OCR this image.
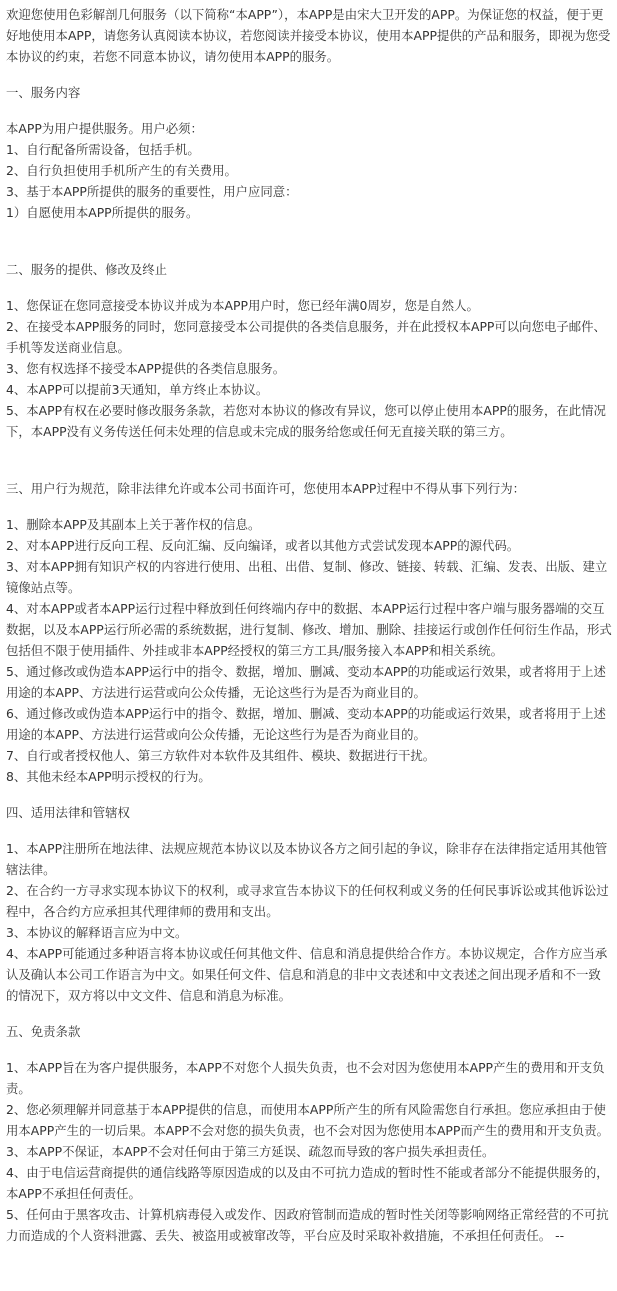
欢迎您使用色彩解剖几何服务（以下简称“本APP”），本APP是由宋大卫开发的APP。为保证您的权益，便于更好地使用本APP，请您务认真阅读本协议，若您阅读并接受本协议，使用本APP提供的产品和服务，即视为您受本协议的约束，若您不同意本协议，请勿使用本APP的服务。

一、服务内容

本APP为用户提供服务。用户必须：

1、自行配备所需设备，包括手机。

2、自行负担使用手机所产生的有关费用。

3、基于本APP所提供的服务的重要性，用户应同意：

1）自愿使用本APP所提供的服务。

二、服务的提供、修改及终止

1、您保证在您同意接受本协议并成为本APP用户时，您已经年满0周岁，您是自然人。

2、在接受本APP服务的同时，您同意接受本公司提供的各类信息服务，并在此授权本APP可以向您电子邮件、手机等发送商业信息。

3、您有权选择不接受本APP提供的各类信息服务。

4、本APP可以提前3天通知，单方终止本协议。

5、本APP有权在必要时修改服务条款，若您对本协议的修改有异议，您可以停止使用本APP的服务，在此情况下，本APP没有义务传送任何未处理的信息或未完成的服务给您或任何无直接关联的第三方。

三、用户行为规范，除非法律允许或本公司书面许可，您使用本APP过程中不得从事下列行为：

1、删除本APP及其副本上关于著作权的信息。

2、对本APP进行反向工程、反向汇编、反向编译，或者以其他方式尝试发现本APP的源代码。

3、对本APP拥有知识产权的内容进行使用、出租、出借、复制、修改、链接、转载、汇编、发表、出版、建立镜像站点等。

4、对本APP或者本APP运行过程中释放到任何终端内存中的数据、本APP运行过程中客户端与服务器端的交互数据，以及本APP运行所必需的系统数据，进行复制、修改、增加、删除、挂接运行或创作任何衍生作品，形式包括但不限于使用插件、外挂或非本APP经授权的第三方工具/服务接入本APP和相关系统。

5、通过修改或伪造本APP运行中的指令、数据，增加、删减、变动本APP的功能或运行效果，或者将用于上述用途的本APP、方法进行运营或向公众传播，无论这些行为是否为商业目的。

6、通过修改或伪造本APP运行中的指令、数据，增加、删减、变动本APP的功能或运行效果，或者将用于上述用途的本APP、方法进行运营或向公众传播，无论这些行为是否为商业目的。

7、自行或者授权他人、第三方软件对本软件及其组件、模块、数据进行干扰。

8、其他未经本APP明示授权的行为。

四、适用法律和管辖权

1、本APP注册所在地法律、法规应规范本协议以及本协议各方之间引起的争议，除非存在法律指定适用其他管辖法律。

2、在合约一方寻求实现本协议下的权利，或寻求宣告本协议下的任何权利或义务的任何民事诉讼或其他诉讼过程中，各合约方应承担其代理律师的费用和支出。

3、本协议的解释语言应为中文。

4、本APP可能通过多种语言将本协议或任何其他文件、信息和消息提供给合作方。本协议规定，合作方应当承认及确认本公司工作语言为中文。如果任何文件、信息和消息的非中文表述和中文表述之间出现矛盾和不一致的情况下，双方将以中文文件、信息和消息为标准。

五、免责条款

1、本APP旨在为客户提供服务，本APP不对您个人损失负责，也不会对因为您使用本APP产生的费用和开支负责。

2、您必须理解并同意基于本APP提供的信息，而使用本APP所产生的所有风险需您自行承担。您应承担由于使用本APP产生的一切后果。本APP不会对您的损失负责，也不会对因为您使用本APP而产生的费用和开支负责。

3、本APP不保证，本APP不会对任何由于第三方延误、疏忽而导致的客户损失承担责任。

4、由于电信运营商提供的通信线路等原因造成的以及由不可抗力造成的暂时性不能或者部分不能提供服务的，本APP不承担任何责任。

5、任何由于黑客攻击、计算机病毒侵入或发作、因政府管制而造成的暂时性关闭等影响网络正常经营的不可抗力而造成的个人资料泄露、丢失、被盗用或被窜改等，平台应及时采取补救措施，不承担任何责任。 --
